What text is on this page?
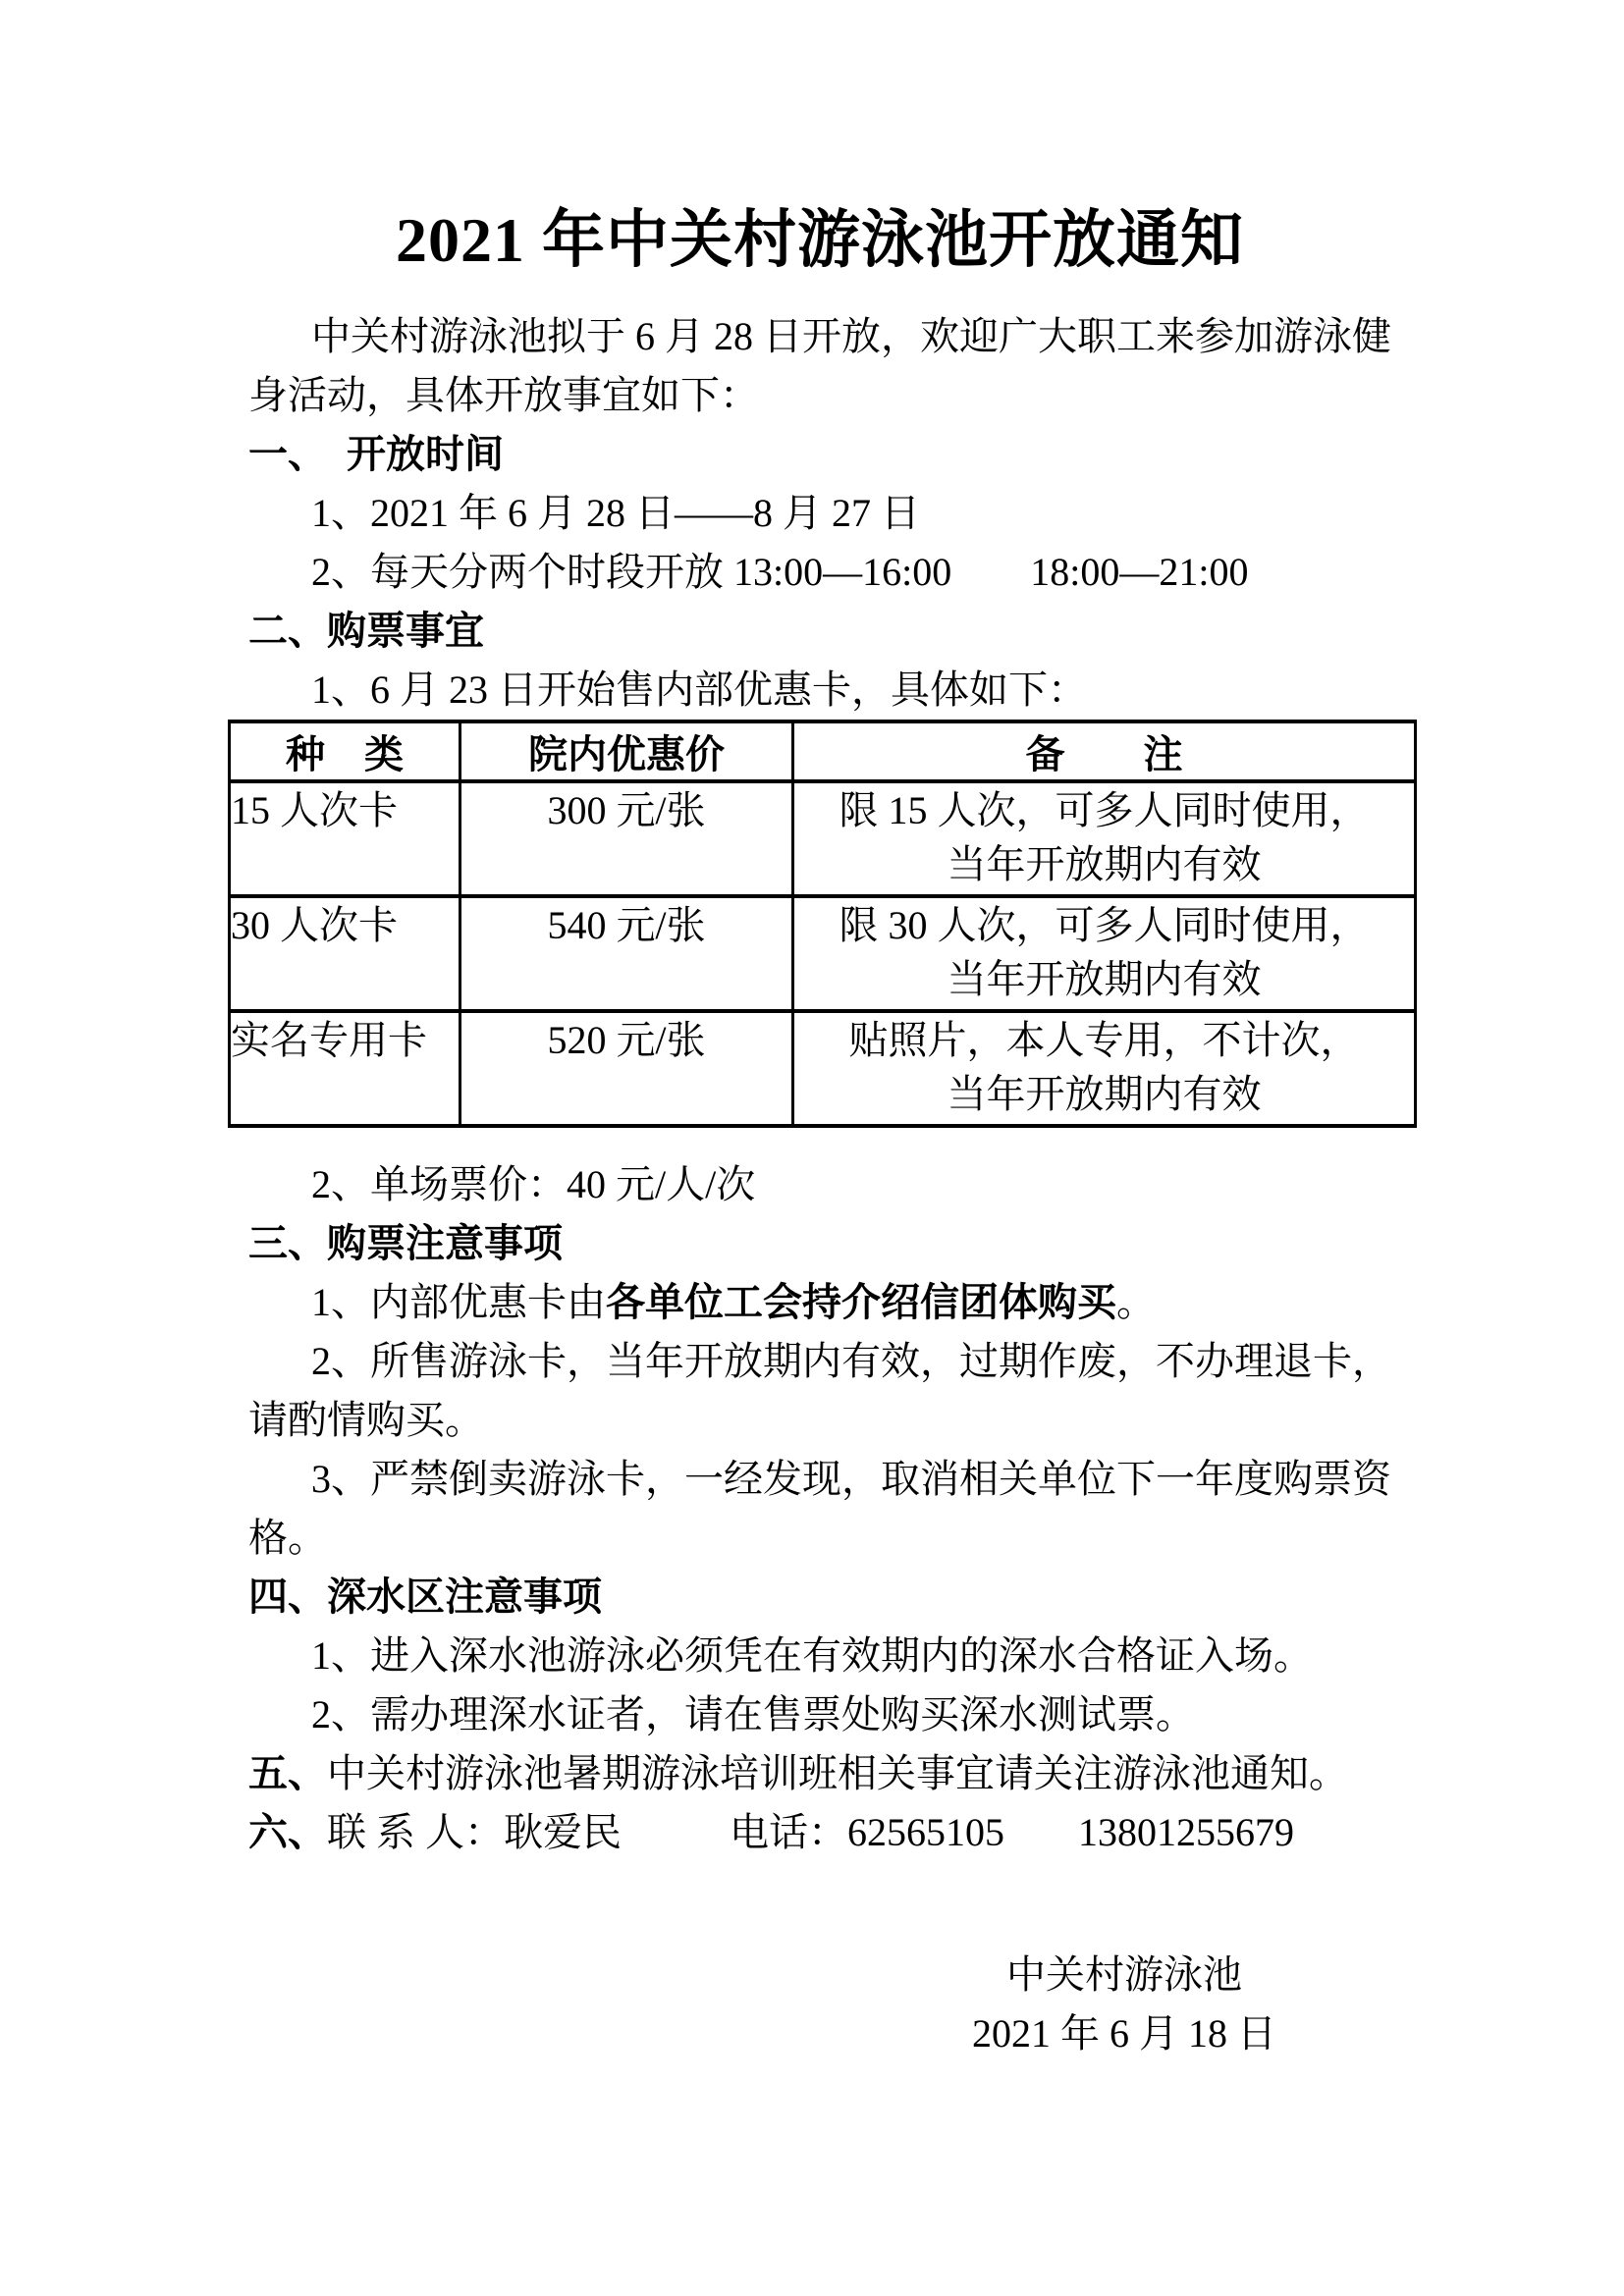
2021 年中关村游泳池开放通知

中关村游泳池拟于 6 月 28 日开放，欢迎广大职工来参加游泳健

身活动，具体开放事宜如下：

一、　开放时间

1、2021 年 6 月 28 日——8 月 27 日

2、每天分两个时段开放 13:00—16:00　　18:00—21:00

二、购票事宜

1、6 月 23 日开始售内部优惠卡，具体如下：

种　类	院内优惠价	备　　注
15 人次卡	300 元/张	限 15 人次，可多人同时使用，
当年开放期内有效

30 人次卡	540 元/张	限 30 人次，可多人同时使用，
当年开放期内有效

实名专用卡	520 元/张	贴照片，本人专用，不计次，
当年开放期内有效

2、单场票价：40 元/人/次

三、购票注意事项

1、内部优惠卡由各单位工会持介绍信团体购买。

2、所售游泳卡，当年开放期内有效，过期作废，不办理退卡，

请酌情购买。

3、严禁倒卖游泳卡，一经发现，取消相关单位下一年度购票资

格。

四、深水区注意事项

1、进入深水池游泳必须凭在有效期内的深水合格证入场。

2、需办理深水证者，请在售票处购买深水测试票。

五、中关村游泳池暑期游泳培训班相关事宜请关注游泳池通知。

六、联 系 人：耿爱民	电话：62565105 13801255679

中关村游泳池

2021 年 6 月 18 日
